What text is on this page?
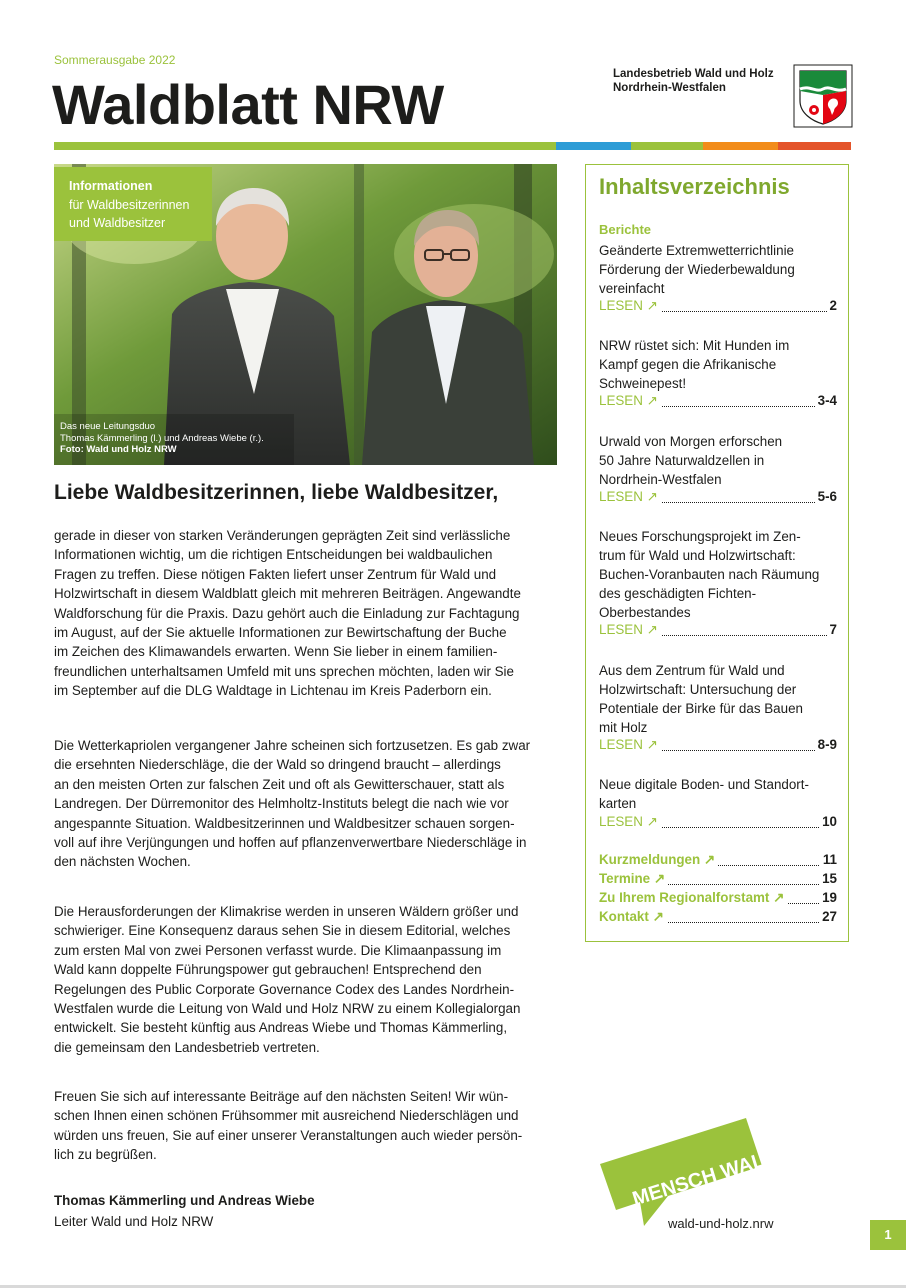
Sommerausgabe 2022
Waldblatt NRW	Landesbetrieb Wald und Holz
Nordrhein-Westfalen
Informationen
für Waldbesitzerinnen
und Waldbesitzer
Das neue Leitungsduo
Thomas Kämmerling (l.) und Andreas Wiebe (r.).
Foto: Wald und Holz NRW
Liebe Waldbesitzerinnen, liebe Waldbesitzer,
gerade in dieser von starken Veränderungen geprägten Zeit sind verlässliche
Informationen wichtig, um die richtigen Entscheidungen bei waldbaulichen
Fragen zu treffen. Diese nötigen Fakten liefert unser Zentrum für Wald und
Holzwirtschaft in diesem Waldblatt gleich mit mehreren Beiträgen. Angewandte
Waldforschung für die Praxis. Dazu gehört auch die Einladung zur Fachtagung
im August, auf der Sie aktuelle Informationen zur Bewirtschaftung der Buche
im Zeichen des Klimawandels erwarten. Wenn Sie lieber in einem familien-
freundlichen unterhaltsamen Umfeld mit uns sprechen möchten, laden wir Sie
im September auf die DLG Waldtage in Lichtenau im Kreis Paderborn ein.
Die Wetterkapriolen vergangener Jahre scheinen sich fortzusetzen. Es gab zwar
die ersehnten Niederschläge, die der Wald so dringend braucht – allerdings
an den meisten Orten zur falschen Zeit und oft als Gewitterschauer, statt als
Landregen. Der Dürremonitor des Helmholtz-Instituts belegt die nach wie vor
angespannte Situation. Waldbesitzerinnen und Waldbesitzer schauen sorgen-
voll auf ihre Verjüngungen und hoffen auf pflanzenverwertbare Niederschläge in
den nächsten Wochen.
Die Herausforderungen der Klimakrise werden in unseren Wäldern größer und
schwieriger. Eine Konsequenz daraus sehen Sie in diesem Editorial, welches
zum ersten Mal von zwei Personen verfasst wurde. Die Klimaanpassung im
Wald kann doppelte Führungspower gut gebrauchen! Entsprechend den
Regelungen des Public Corporate Governance Codex des Landes Nordrhein-
Westfalen wurde die Leitung von Wald und Holz NRW zu einem Kollegialorgan
entwickelt. Sie besteht künftig aus Andreas Wiebe und Thomas Kämmerling,
die gemeinsam den Landesbetrieb vertreten.
Freuen Sie sich auf interessante Beiträge auf den nächsten Seiten! Wir wün-
schen Ihnen einen schönen Frühsommer mit ausreichend Niederschlägen und
würden uns freuen, Sie auf einer unserer Veranstaltungen auch wieder persön-
lich zu begrüßen.
Thomas Kämmerling und Andreas Wiebe
Leiter Wald und Holz NRW
Inhaltsverzeichnis
Berichte
Geänderte Extremwetterrichtlinie
Förderung der Wiederbewaldung
vereinfacht
LESEN ↗	2
NRW rüstet sich: Mit Hunden im
Kampf gegen die Afrikanische
Schweinepest!
LESEN ↗	3-4
Urwald von Morgen erforschen
50 Jahre Naturwaldzellen in
Nordrhein-Westfalen
LESEN ↗	5-6
Neues Forschungsprojekt im Zen-
trum für Wald und Holzwirtschaft:
Buchen-Voranbauten nach Räumung
des geschädigten Fichten-
Oberbestandes
LESEN ↗	7
Aus dem Zentrum für Wald und
Holzwirtschaft: Untersuchung der
Potentiale der Birke für das Bauen
mit Holz
LESEN ↗	8-9
Neue digitale Boden- und Standort-
karten
LESEN ↗	10
Kurzmeldungen ↗	11
Termine ↗	15
Zu Ihrem Regionalforstamt ↗	19
Kontakt ↗	27
MENSCH WALD!
wald-und-holz.nrw
1
